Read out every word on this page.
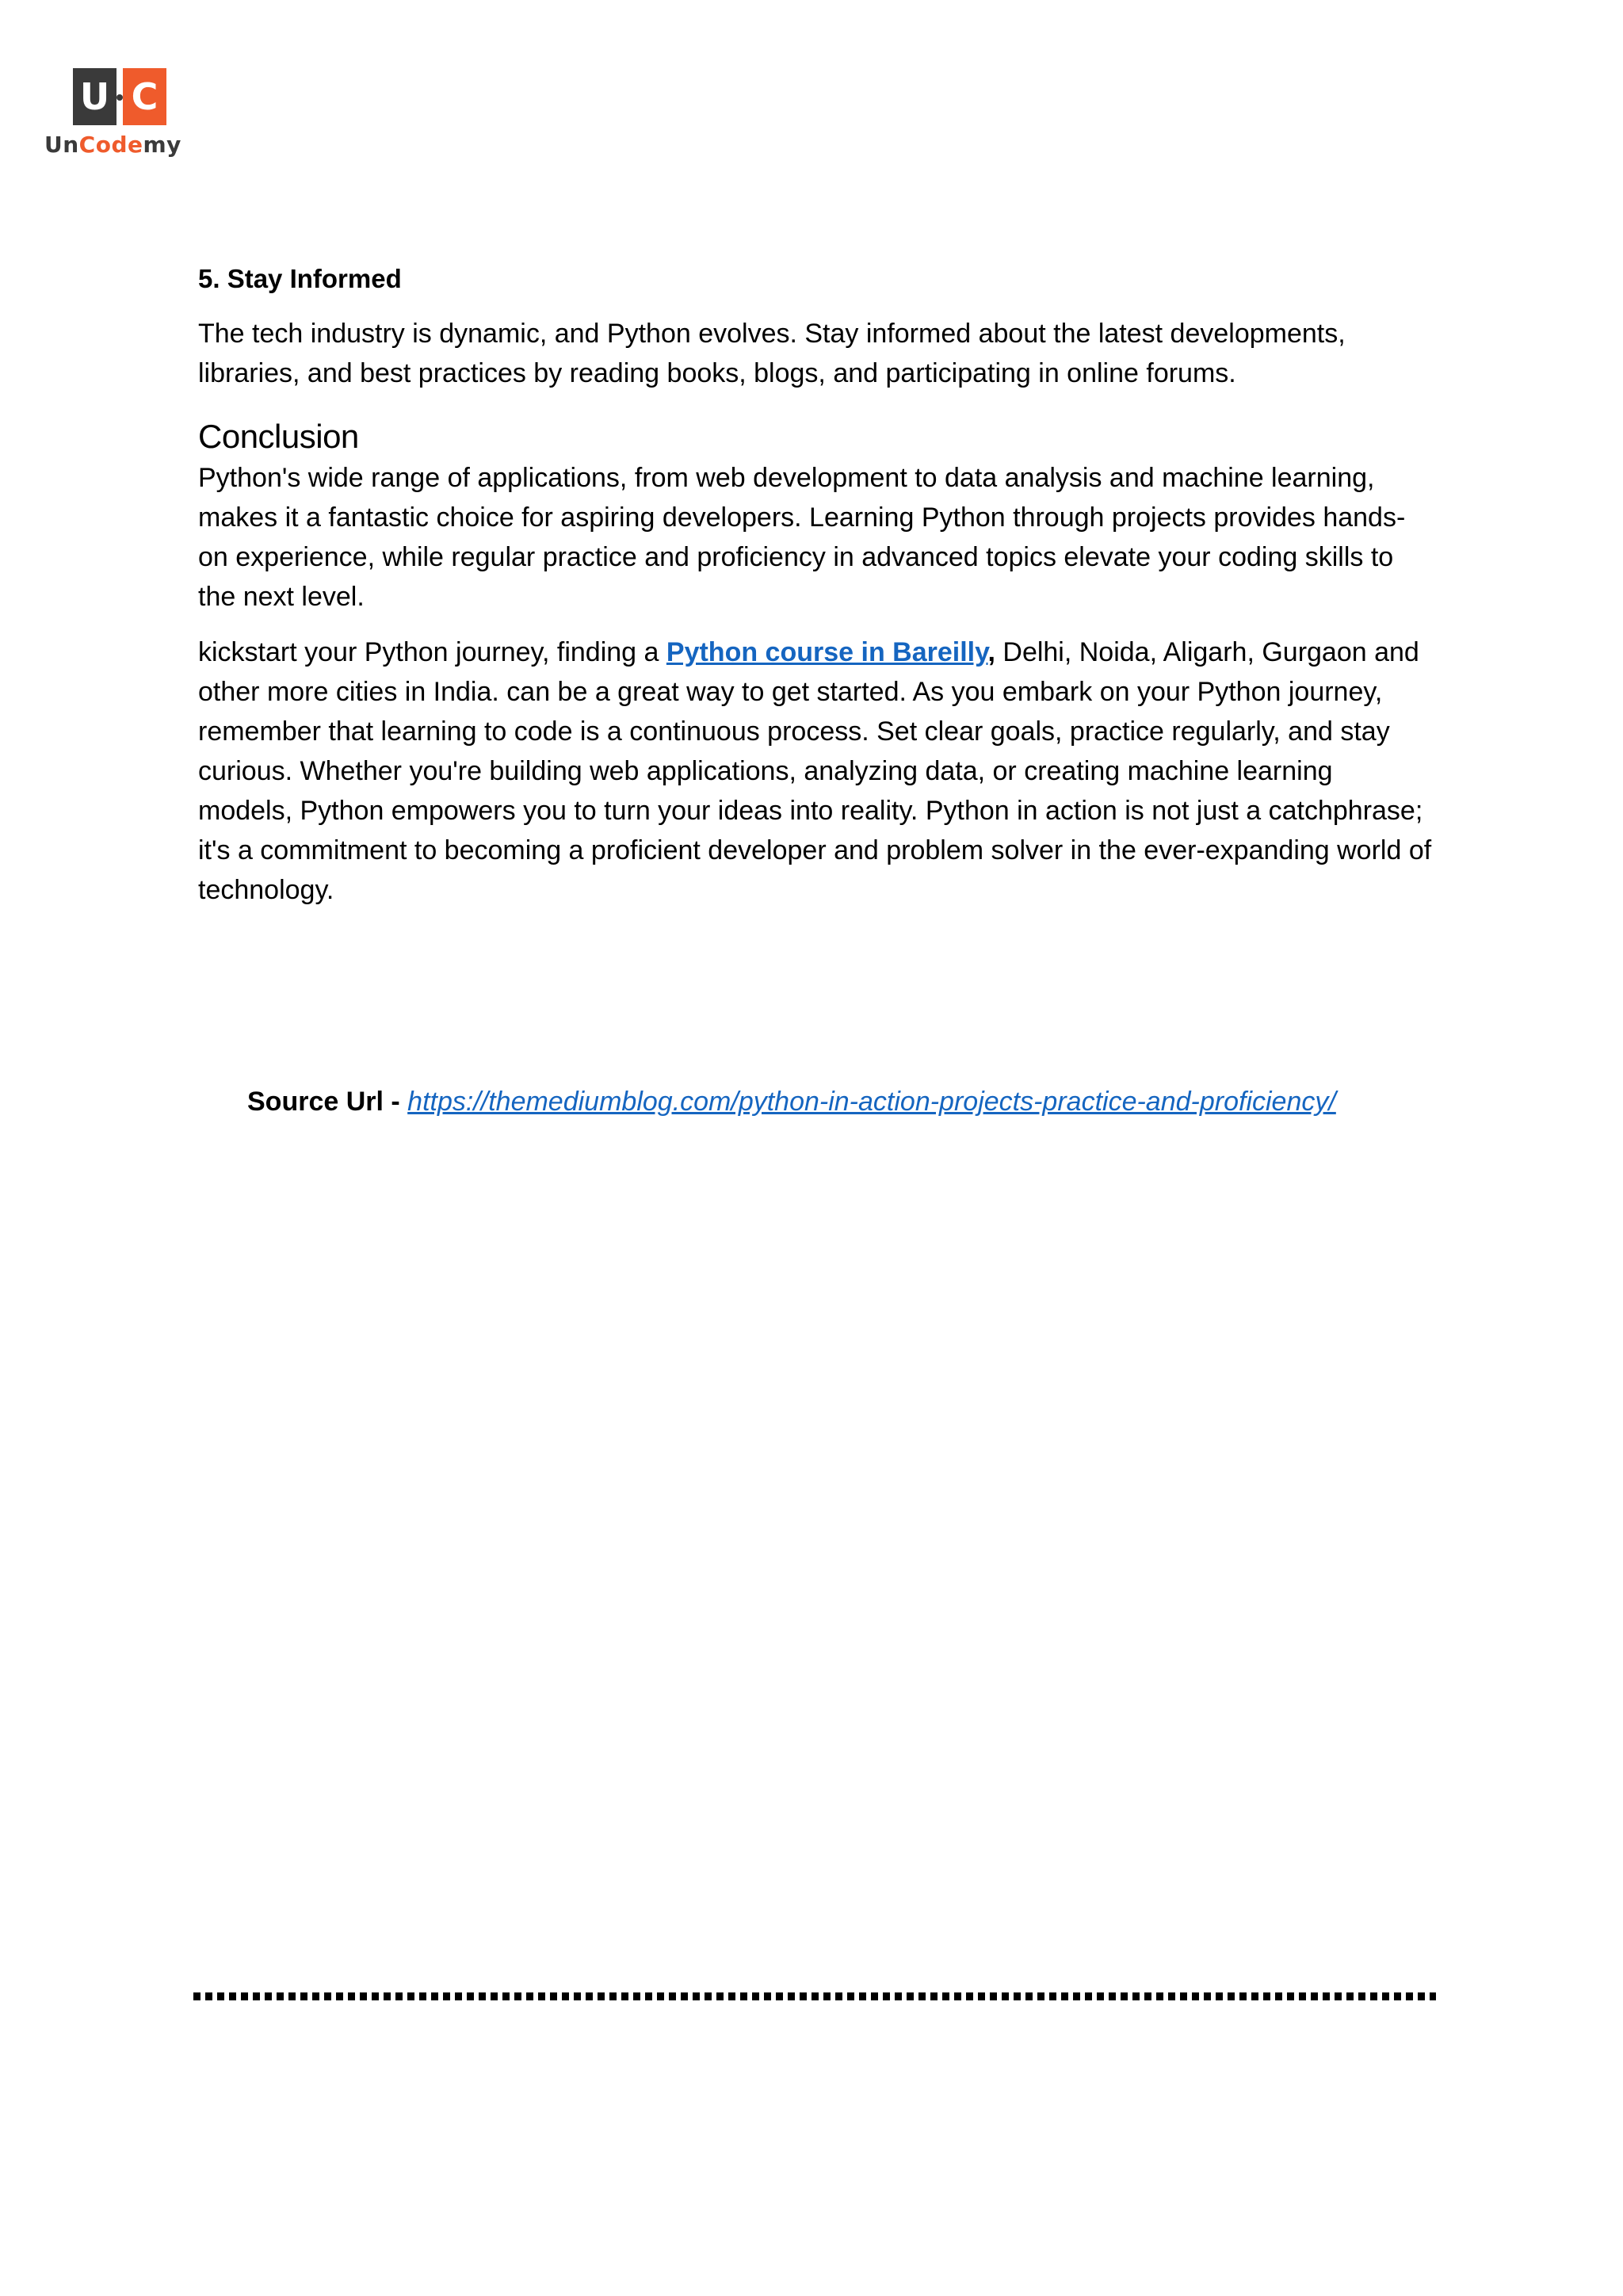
U C
UnCodemy
5. Stay Informed

The tech industry is dynamic, and Python evolves. Stay informed about the latest developments, libraries, and best practices by reading books, blogs, and participating in online forums.

Conclusion

Python's wide range of applications, from web development to data analysis and machine learning, makes it a fantastic choice for aspiring developers. Learning Python through projects provides hands-on experience, while regular practice and proficiency in advanced topics elevate your coding skills to the next level.

kickstart your Python journey, finding a Python course in Bareilly, Delhi, Noida, Aligarh, Gurgaon and other more cities in India. can be a great way to get started. As you embark on your Python journey, remember that learning to code is a continuous process. Set clear goals, practice regularly, and stay curious. Whether you're building web applications, analyzing data, or creating machine learning models, Python empowers you to turn your ideas into reality. Python in action is not just a catchphrase; it's a commitment to becoming a proficient developer and problem solver in the ever-expanding world of technology.

Source Url - https://themediumblog.com/python-in-action-projects-practice-and-proficiency/
